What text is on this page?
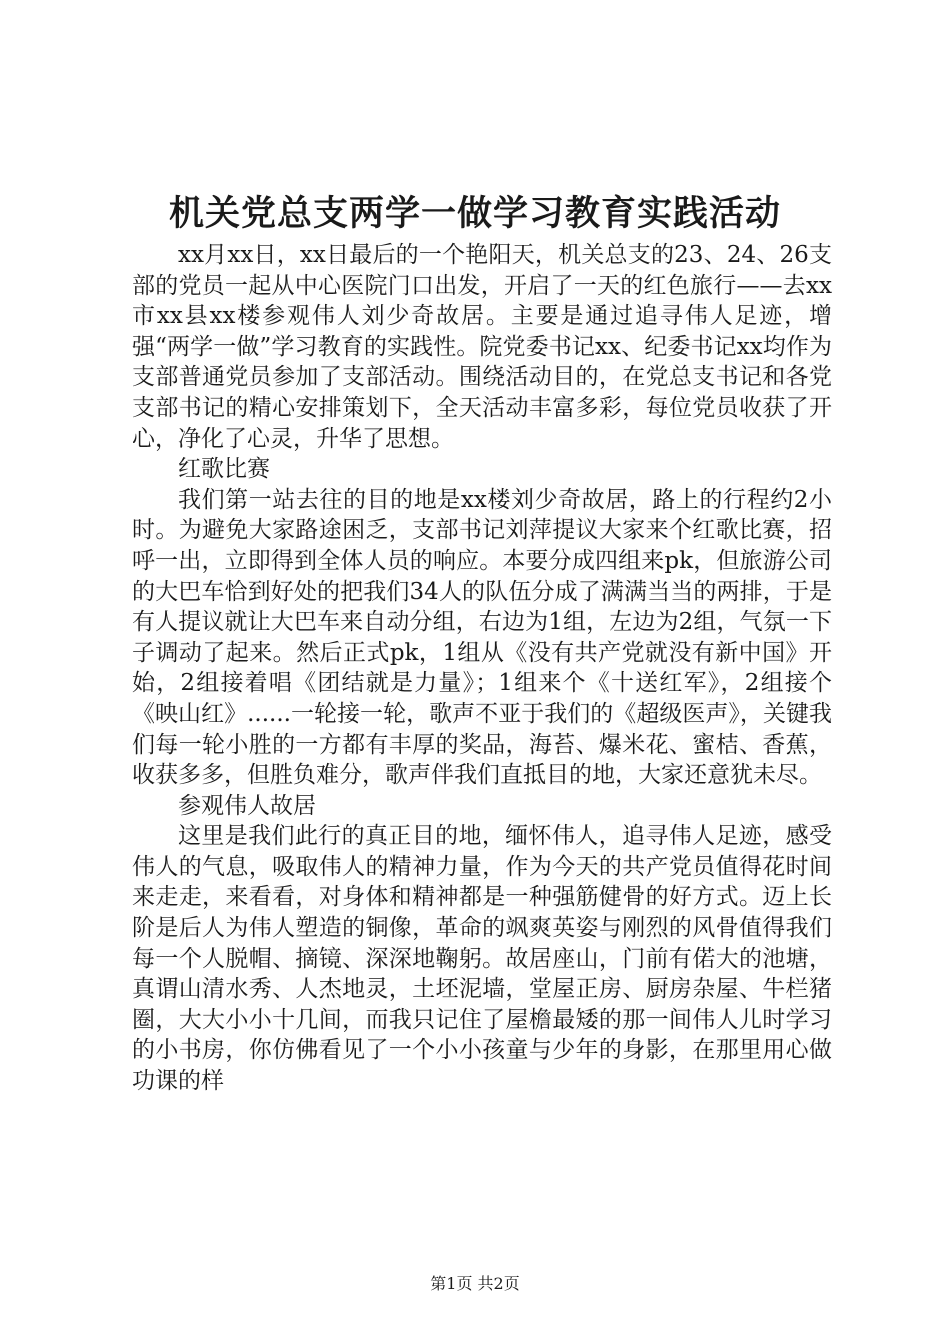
机关党总支两学一做学习教育实践活动

xx月xx日，xx日最后的一个艳阳天，机关总支的23、24、26支部的党员一起从中心医院门口出发，开启了一天的红色旅行——去xx市xx县xx楼参观伟人刘少奇故居。主要是通过追寻伟人足迹，增强“两学一做”学习教育的实践性。院党委书记xx、纪委书记xx均作为支部普通党员参加了支部活动。围绕活动目的，在党总支书记和各党支部书记的精心安排策划下，全天活动丰富多彩，每位党员收获了开心，净化了心灵，升华了思想。

红歌比赛

我们第一站去往的目的地是xx楼刘少奇故居，路上的行程约2小时。为避免大家路途困乏，支部书记刘萍提议大家来个红歌比赛，招呼一出，立即得到全体人员的响应。本要分成四组来pk，但旅游公司的大巴车恰到好处的把我们34人的队伍分成了满满当当的两排，于是有人提议就让大巴车来自动分组，右边为1组，左边为2组，气氛一下子调动了起来。然后正式pk，1组从《没有共产党就没有新中国》开始，2组接着唱《团结就是力量》；1组来个《十送红军》，2组接个《映山红》......一轮接一轮，歌声不亚于我们的《超级医声》，关键我们每一轮小胜的一方都有丰厚的奖品，海苔、爆米花、蜜桔、香蕉，收获多多，但胜负难分，歌声伴我们直抵目的地，大家还意犹未尽。

参观伟人故居

这里是我们此行的真正目的地，缅怀伟人，追寻伟人足迹，感受伟人的气息，吸取伟人的精神力量，作为今天的共产党员值得花时间来走走，来看看，对身体和精神都是一种强筋健骨的好方式。迈上长阶是后人为伟人塑造的铜像，革命的飒爽英姿与刚烈的风骨值得我们每一个人脱帽、摘镜、深深地鞠躬。故居座山，门前有偌大的池塘，真谓山清水秀、人杰地灵，土坯泥墙，堂屋正房、厨房杂屋、牛栏猪圈，大大小小十几间，而我只记住了屋檐最矮的那一间伟人儿时学习的小书房，你仿佛看见了一个小小孩童与少年的身影，在那里用心做功课的样

第1页 共2页
